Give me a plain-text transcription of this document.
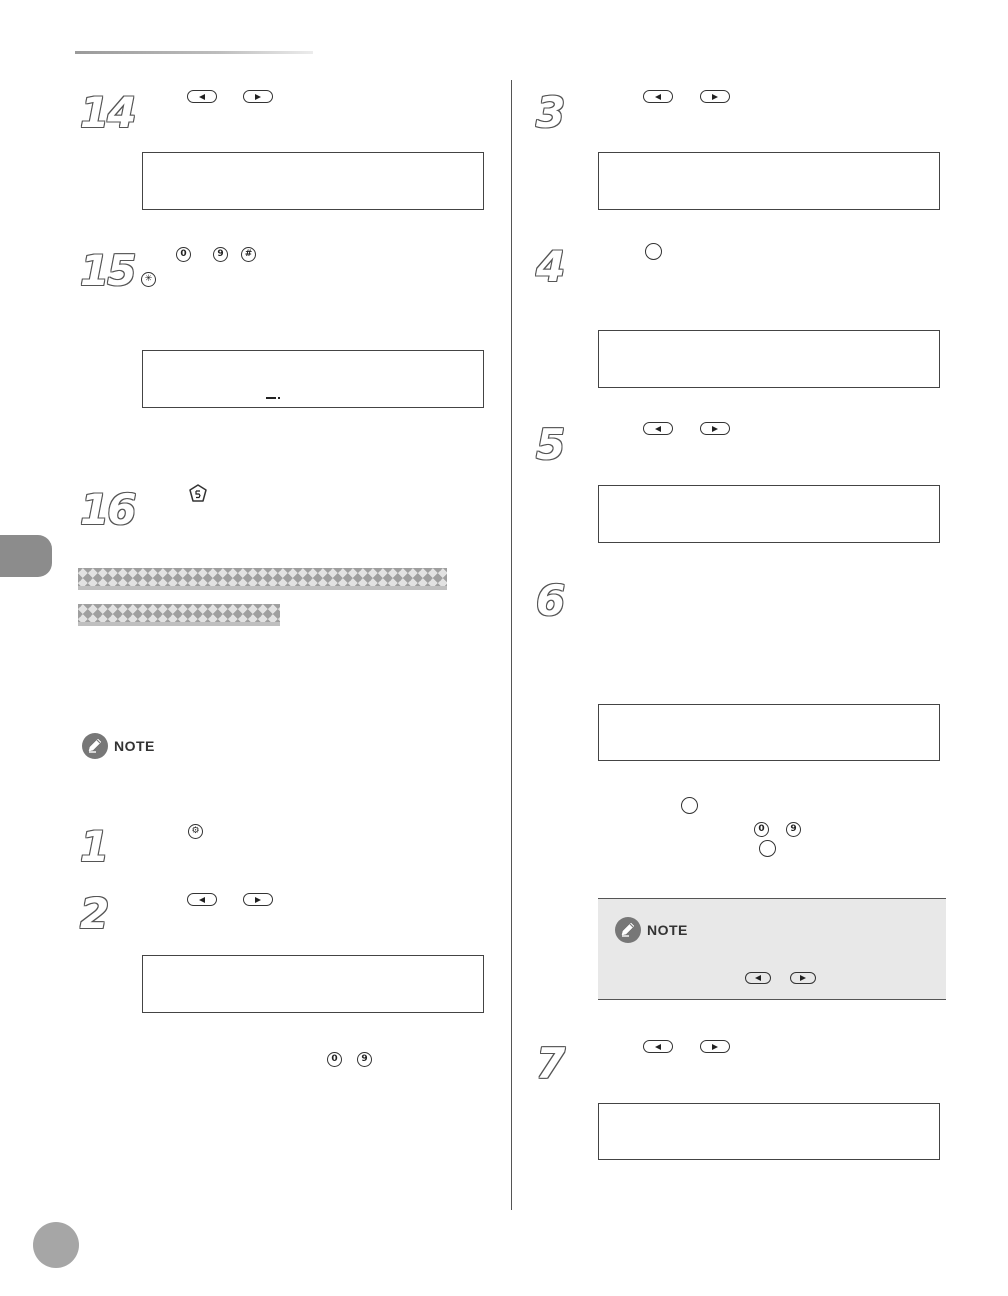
14
15	0	9	#
✳
16
NOTE
1	⚙
2
0	9
3
4
5
6
0	9
NOTE
7
